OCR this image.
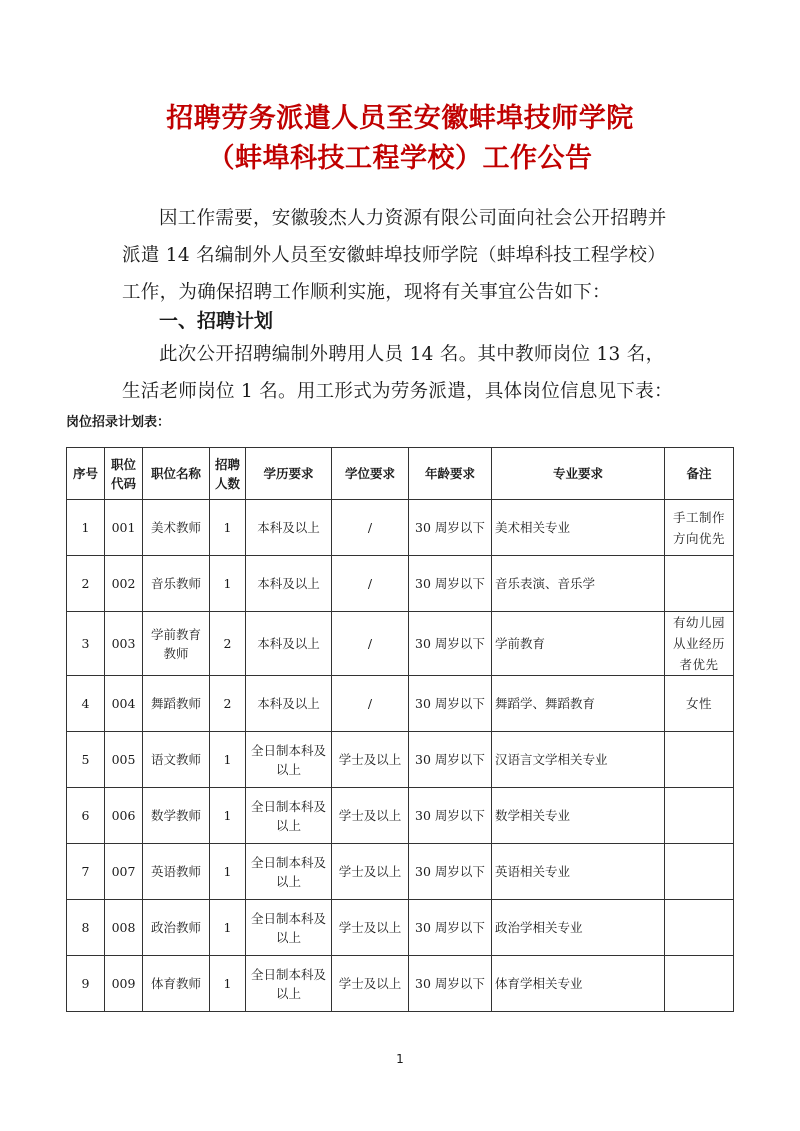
招聘劳务派遣人员至安徽蚌埠技师学院
（蚌埠科技工程学校）工作公告
因工作需要，安徽骏杰人力资源有限公司面向社会公开招聘并派遣 14 名编制外人员至安徽蚌埠技师学院（蚌埠科技工程学校）工作，为确保招聘工作顺利实施，现将有关事宜公告如下：
一、招聘计划
此次公开招聘编制外聘用人员 14 名。其中教师岗位 13 名，生活老师岗位 1 名。用工形式为劳务派遣，具体岗位信息见下表：
岗位招录计划表：
序号	职位代码	职位名称	招聘人数	学历要求	学位要求	年龄要求	专业要求	备注
1	001	美术教师	1	本科及以上	/	30 周岁以下	美术相关专业	手工制作方向优先
2	002	音乐教师	1	本科及以上	/	30 周岁以下	音乐表演、音乐学	
3	003	学前教育教师	2	本科及以上	/	30 周岁以下	学前教育	有幼儿园从业经历者优先
4	004	舞蹈教师	2	本科及以上	/	30 周岁以下	舞蹈学、舞蹈教育	女性
5	005	语文教师	1	全日制本科及以上	学士及以上	30 周岁以下	汉语言文学相关专业	
6	006	数学教师	1	全日制本科及以上	学士及以上	30 周岁以下	数学相关专业	
7	007	英语教师	1	全日制本科及以上	学士及以上	30 周岁以下	英语相关专业	
8	008	政治教师	1	全日制本科及以上	学士及以上	30 周岁以下	政治学相关专业	
9	009	体育教师	1	全日制本科及以上	学士及以上	30 周岁以下	体育学相关专业	
1
